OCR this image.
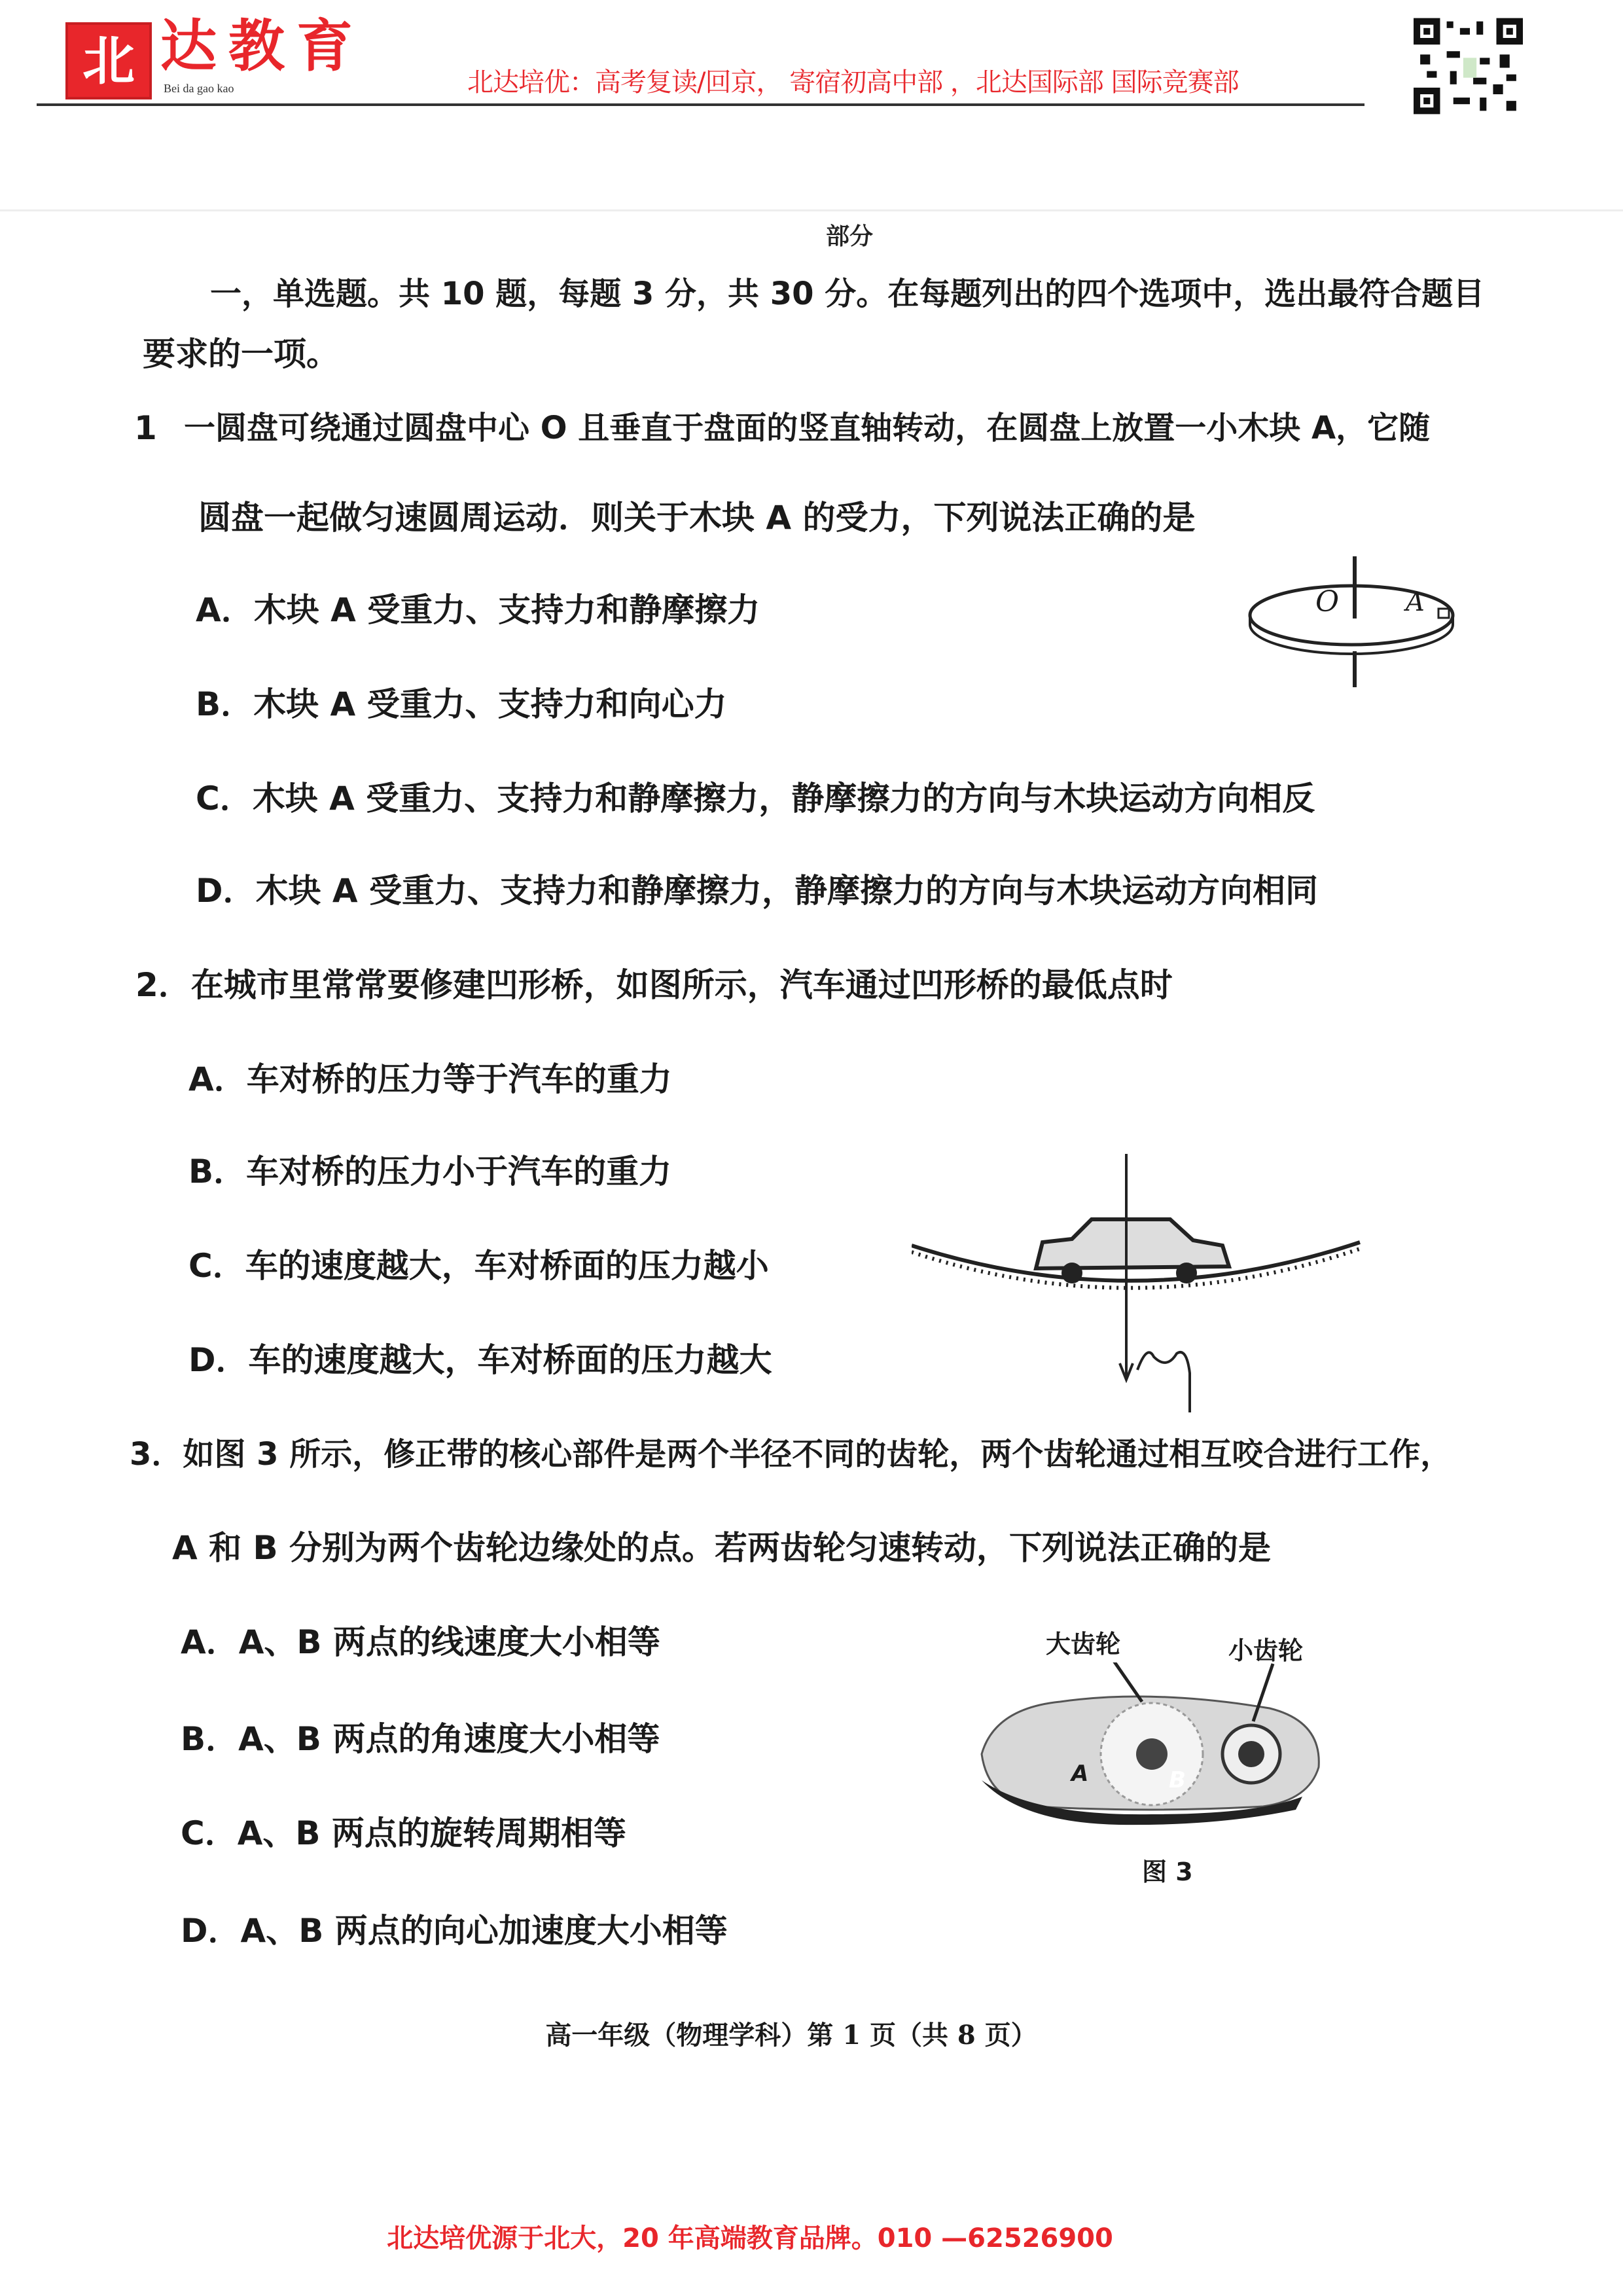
北 达教育
Bei da gao kao	北达培优：高考复读/回京， 寄宿初高中部 ，北达国际部 国际竞赛部
部分
一，单选题。共 10 题，每题 3 分，共 30 分。在每题列出的四个选项中，选出最符合题目
要求的一项。
1 一圆盘可绕通过圆盘中心 O 且垂直于盘面的竖直轴转动，在圆盘上放置一小木块 A，它随
圆盘一起做匀速圆周运动．则关于木块 A 的受力，下列说法正确的是
A．木块 A 受重力、支持力和静摩擦力
B．木块 A 受重力、支持力和向心力
C．木块 A 受重力、支持力和静摩擦力，静摩擦力的方向与木块运动方向相反
D．木块 A 受重力、支持力和静摩擦力，静摩擦力的方向与木块运动方向相同
O	A
2．在城市里常常要修建凹形桥，如图所示，汽车通过凹形桥的最低点时
A．车对桥的压力等于汽车的重力
B．车对桥的压力小于汽车的重力
C．车的速度越大，车对桥面的压力越小
D．车的速度越大，车对桥面的压力越大
3．如图 3 所示，修正带的核心部件是两个半径不同的齿轮，两个齿轮通过相互咬合进行工作，
A 和 B 分别为两个齿轮边缘处的点。若两齿轮匀速转动，下列说法正确的是
A．A、B 两点的线速度大小相等
B．A、B 两点的角速度大小相等
C．A、B 两点的旋转周期相等
D．A、B 两点的向心加速度大小相等
大齿轮	小齿轮
A	B
图 3
高一年级（物理学科）第 1 页（共 8 页）
北达培优源于北大，20 年高端教育品牌。010 —62526900
